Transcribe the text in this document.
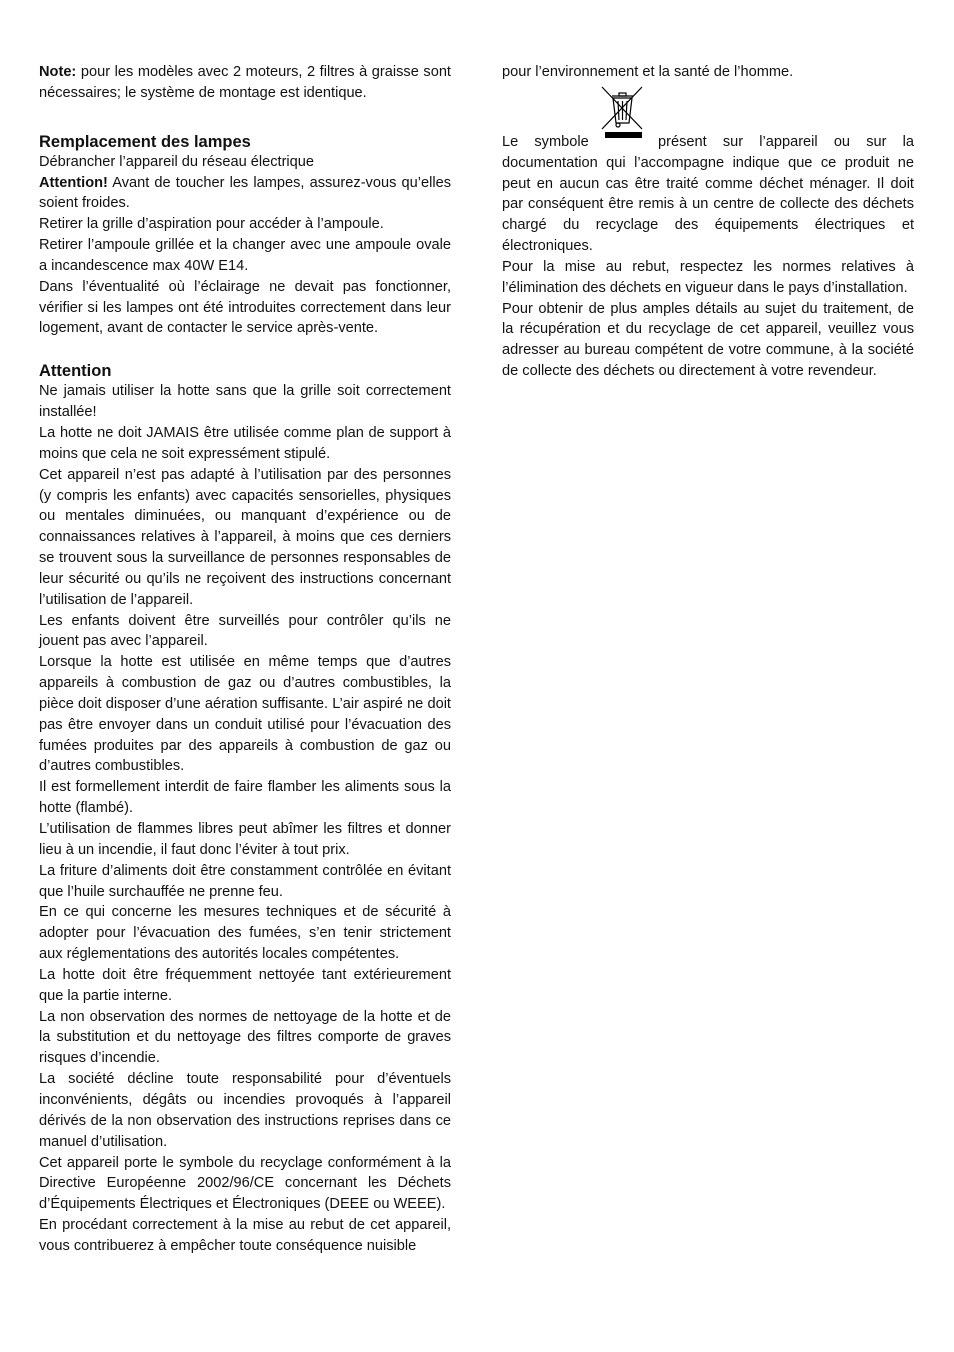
Note: pour les modèles avec 2 moteurs, 2 filtres à graisse sont nécessaires; le système de montage est identique.

Remplacement des lampes

Débrancher l’appareil du réseau électrique

Attention! Avant de toucher les lampes, assurez-vous qu’elles soient froides.

Retirer la grille d’aspiration pour accéder à l’ampoule.

Retirer l’ampoule grillée et la changer avec une ampoule ovale a incandescence max 40W E14.

Dans l’éventualité où l’éclairage ne devait pas fonctionner, vérifier si les lampes ont été introduites correctement dans leur logement, avant de contacter le service après-vente.

Attention

Ne jamais utiliser la hotte sans que la grille soit correctement installée!

La hotte ne doit JAMAIS être utilisée comme plan de support à moins que cela ne soit expressément stipulé.

Cet appareil n’est pas adapté à l’utilisation par des personnes (y compris les enfants) avec capacités sensorielles, physiques ou mentales diminuées, ou manquant d’expérience ou de connaissances relatives à l’appareil, à moins que ces derniers se trouvent sous la surveillance de personnes responsables de leur sécurité ou qu’ils ne reçoivent des instructions concernant l’utilisation de l’appareil.

Les enfants doivent être surveillés pour contrôler qu’ils ne jouent pas avec l’appareil.

Lorsque la hotte est utilisée en même temps que d’autres appareils à combustion de gaz ou d’autres combustibles, la pièce doit disposer d’une aération suffisante. L’air aspiré ne doit pas être envoyer dans un conduit utilisé pour l’évacuation des fumées produites par des appareils à combustion de gaz ou d’autres combustibles.

Il est formellement interdit de faire flamber les aliments sous la hotte (flambé).

L’utilisation de flammes libres peut abîmer les filtres et donner lieu à un incendie, il faut donc l’éviter à tout prix.

La friture d’aliments doit être constamment contrôlée en évitant que l’huile surchauffée ne prenne feu.

En ce qui concerne les mesures techniques et de sécurité à adopter pour l’évacuation des fumées, s’en tenir strictement aux réglementations des autorités locales compétentes.

La hotte doit être fréquemment nettoyée tant extérieurement que la partie interne.

La non observation des normes de nettoyage de la hotte et de la substitution et du nettoyage des filtres comporte de graves risques d’incendie.

La société décline toute responsabilité pour d’éventuels inconvénients, dégâts ou incendies provoqués à l’appareil dérivés de la non observation des instructions reprises dans ce manuel d’utilisation.

Cet appareil porte le symbole du recyclage conformément à la Directive Européenne 2002/96/CE concernant les Déchets d’Équipements Électriques et Électroniques (DEEE ou WEEE).

En procédant correctement à la mise au rebut de cet appareil, vous contribuerez à empêcher toute conséquence nuisible

pour l’environnement et la santé de l’homme.

Le symbole	présent sur l’appareil ou sur la

documentation qui l’accompagne indique que ce produit ne peut en aucun cas être traité comme déchet ménager. Il doit par conséquent être remis à un centre de collecte des déchets chargé du recyclage des équipements électriques et électroniques.

Pour la mise au rebut, respectez les normes relatives à l’élimination des déchets en vigueur dans le pays d’installation.

Pour obtenir de plus amples détails au sujet du traitement, de la récupération et du recyclage de cet appareil, veuillez vous adresser au bureau compétent de votre commune, à la société de collecte des déchets ou directement à votre revendeur.
